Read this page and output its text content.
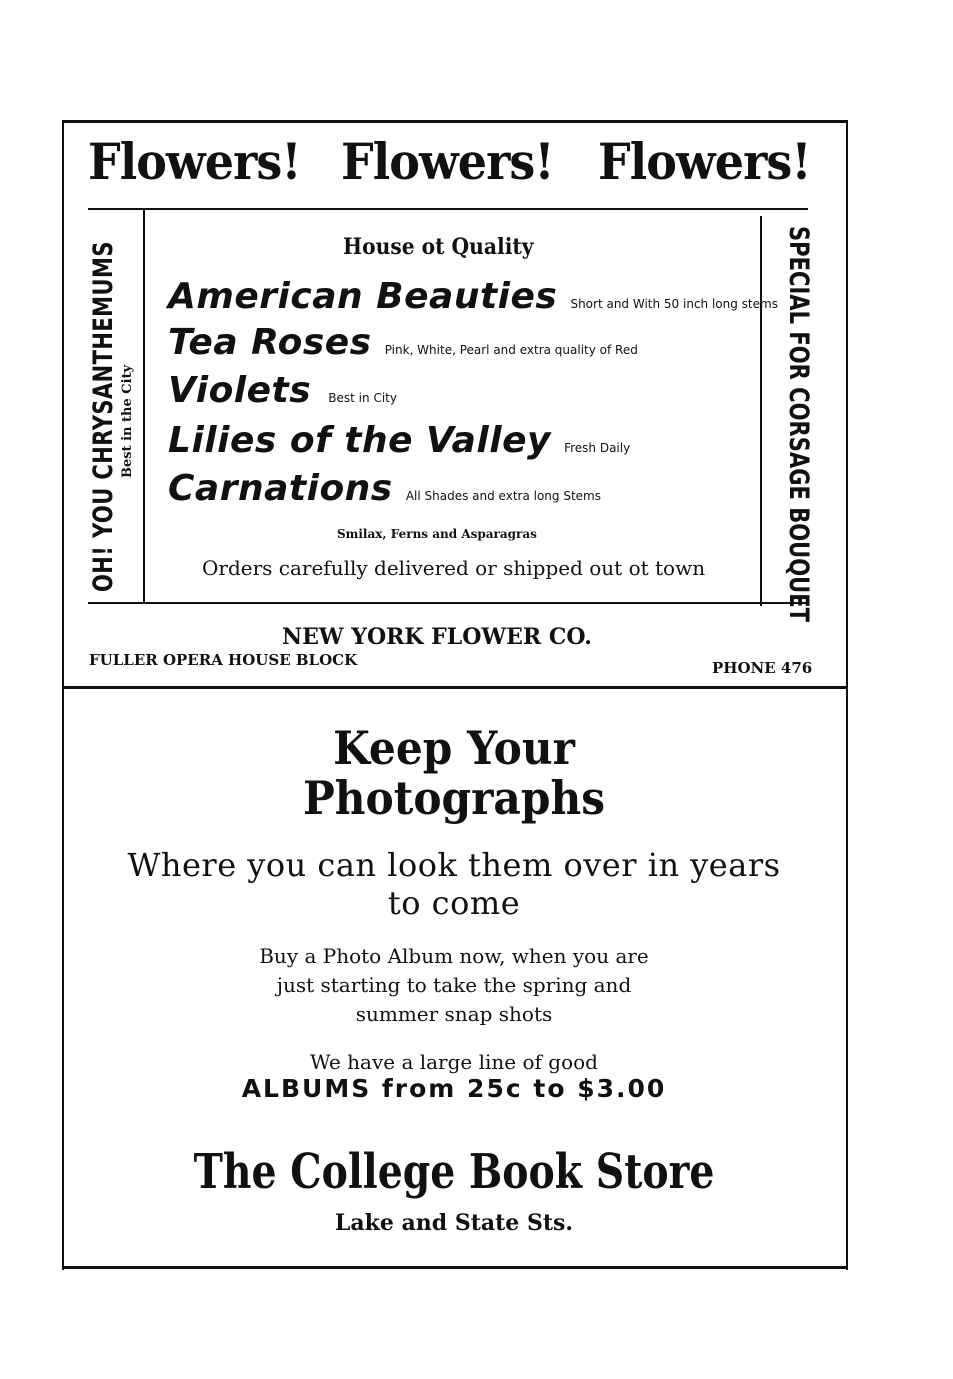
Flowers! Flowers! Flowers!
OH! YOU CHRYSANTHEMUMS Best in the City	SPECIAL FOR CORSAGE BOUQUET
House ot Quality
American Beauties Short and With 50 inch long stems
Tea Roses Pink, White, Pearl and extra quality of Red
Violets Best in City
Lilies of the Valley Fresh Daily
Carnations All Shades and extra long Stems
Smilax, Ferns and Asparagras
Orders carefully delivered or shipped out ot town
NEW YORK FLOWER CO.
FULLER OPERA HOUSE BLOCK	PHONE 476
Keep Your
Photographs
Where you can look them over in years
to come
Buy a Photo Album now, when you are
just starting to take the spring and
summer snap shots
We have a large line of good
ALBUMS from 25c to $3.00
The College Book Store
Lake and State Sts.
